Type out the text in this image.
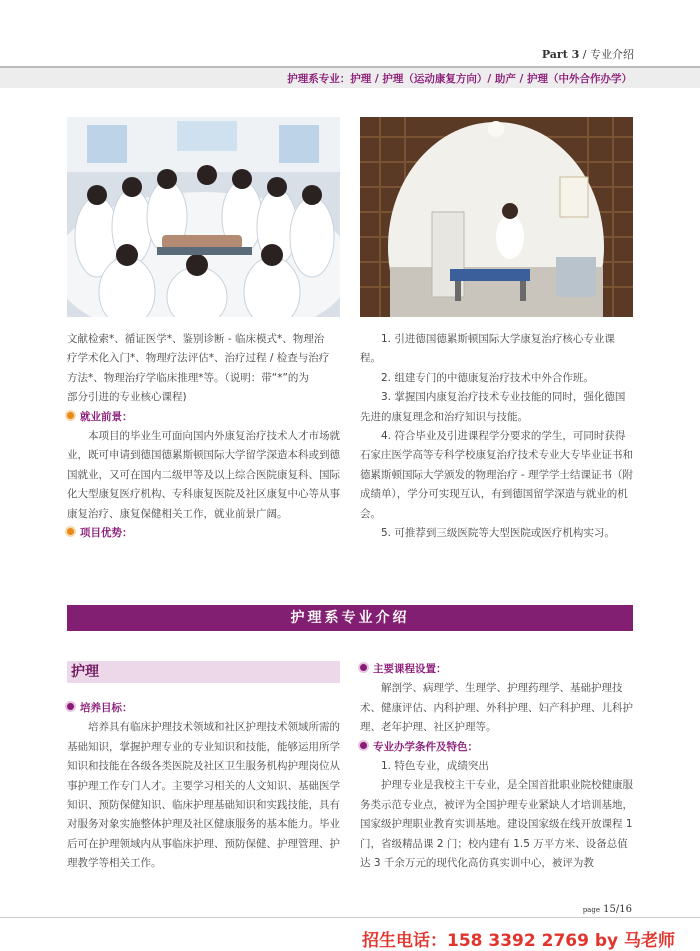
Part 3 / 专业介绍
护理系专业：护理 / 护理（运动康复方向）/ 助产 / 护理（中外合作办学）

文献检索*、循证医学*、鉴别诊断 - 临床模式*、物理治

疗学术化入门*、物理疗法评估*、治疗过程 / 检查与治疗

方法*、物理治疗学临床推理*等。（说明：带“*”的为

部分引进的专业核心课程)

就业前景：

本项目的毕业生可面向国内外康复治疗技术人才市场就业，既可申请到德国德累斯顿国际大学留学深造本科或到德国就业，又可在国内二级甲等及以上综合医院康复科、国际化大型康复医疗机构、专科康复医院及社区康复中心等从事康复治疗、康复保健相关工作，就业前景广阔。

项目优势：

1. 引进德国德累斯顿国际大学康复治疗核心专业课程。

2. 组建专门的中德康复治疗技术中外合作班。

3. 掌握国内康复治疗技术专业技能的同时，强化德国先进的康复理念和治疗知识与技能。

4. 符合毕业及引进课程学分要求的学生，可同时获得石家庄医学高等专科学校康复治疗技术专业大专毕业证书和德累斯顿国际大学颁发的物理治疗 - 理学学士结课证书（附成绩单），学分可实现互认，有到德国留学深造与就业的机会。

5. 可推荐到三级医院等大型医院或医疗机构实习。

护理系专业介绍
护理

培养目标：

培养具有临床护理技术领域和社区护理技术领域所需的基础知识，掌握护理专业的专业知识和技能，能够运用所学知识和技能在各级各类医院及社区卫生服务机构护理岗位从事护理工作专门人才。主要学习相关的人文知识、基础医学知识、预防保健知识、临床护理基础知识和实践技能，具有对服务对象实施整体护理及社区健康服务的基本能力。毕业后可在护理领域内从事临床护理、预防保健、护理管理、护理教学等相关工作。

主要课程设置：

解剖学、病理学、生理学、护理药理学、基础护理技术、健康评估、内科护理、外科护理、妇产科护理、儿科护理、老年护理、社区护理等。

专业办学条件及特色：

1. 特色专业，成绩突出

护理专业是我校主干专业，是全国首批职业院校健康服务类示范专业点，被评为全国护理专业紧缺人才培训基地，国家级护理职业教育实训基地。建设国家级在线开放课程 1 门，省级精品课 2 门；校内建有 1.5 万平方米、设备总值达 3 千余万元的现代化高仿真实训中心，被评为教

page 15/16
招生电话：158 3392 2769 by 马老师
